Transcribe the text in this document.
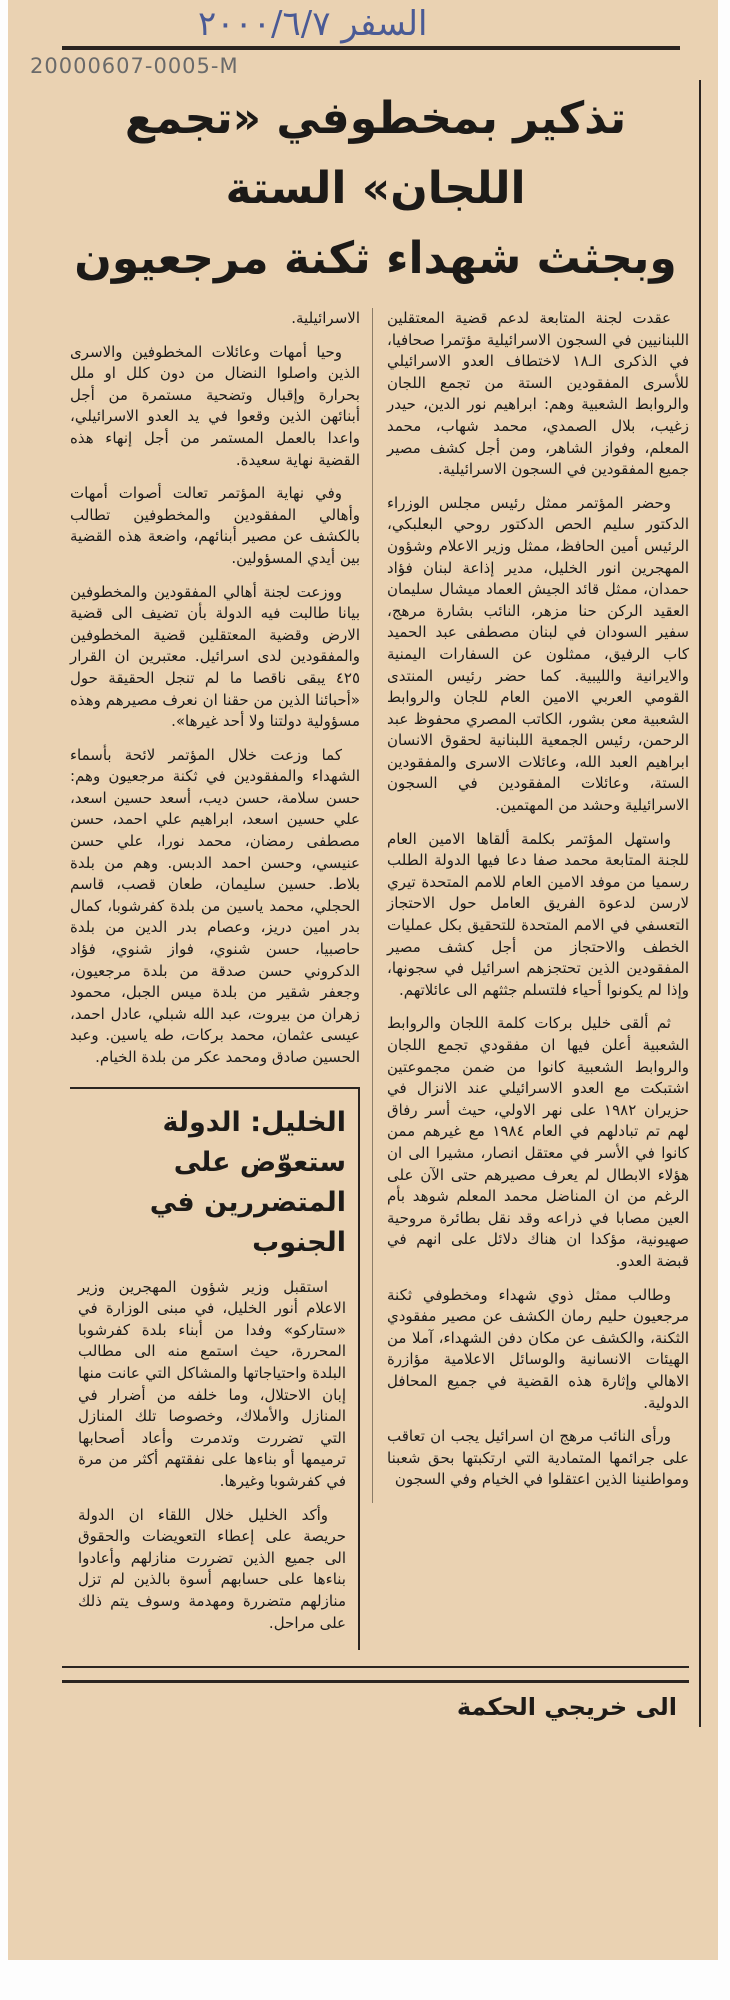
السفر ٢٠٠٠/٦/٧
20000607-0005-M
تذكير بمخطوفي «تجمع اللجان» الستة
وبجثث شهداء ثكنة مرجعيون

عقدت لجنة المتابعة لدعم قضية المعتقلين اللبنانيين في السجون الاسرائيلية مؤتمرا صحافيا، في الذكرى الـ١٨ لاختطاف العدو الاسرائيلي للأسرى المفقودين الستة من تجمع اللجان والروابط الشعبية وهم: ابراهيم نور الدين، حيدر زغيب، بلال الصمدي، محمد شهاب، محمد المعلم، وفواز الشاهر، ومن أجل كشف مصير جميع المفقودين في السجون الاسرائيلية.

وحضر المؤتمر ممثل رئيس مجلس الوزراء الدكتور سليم الحص الدكتور روحي البعلبكي، الرئيس أمين الحافظ، ممثل وزير الاعلام وشؤون المهجرين انور الخليل، مدير إذاعة لبنان فؤاد حمدان، ممثل قائد الجيش العماد ميشال سليمان العقيد الركن حنا مزهر، النائب بشارة مرهج، سفير السودان في لبنان مصطفى عبد الحميد كاب الرفيق، ممثلون عن السفارات اليمنية والايرانية والليبية. كما حضر رئيس المنتدى القومي العربي الامين العام للجان والروابط الشعبية معن بشور، الكاتب المصري محفوظ عبد الرحمن، رئيس الجمعية اللبنانية لحقوق الانسان ابراهيم العبد الله، وعائلات الاسرى والمفقودين الستة، وعائلات المفقودين في السجون الاسرائيلية وحشد من المهتمين.

واستهل المؤتمر بكلمة ألقاها الامين العام للجنة المتابعة محمد صفا دعا فيها الدولة الطلب رسميا من موفد الامين العام للامم المتحدة تيري لارسن لدعوة الفريق العامل حول الاحتجاز التعسفي في الامم المتحدة للتحقيق بكل عمليات الخطف والاحتجاز من أجل كشف مصير المفقودين الذين تحتجزهم اسرائيل في سجونها، وإذا لم يكونوا أحياء فلتسلم جثثهم الى عائلاتهم.

ثم ألقى خليل بركات كلمة اللجان والروابط الشعبية أعلن فيها ان مفقودي تجمع اللجان والروابط الشعبية كانوا من ضمن مجموعتين اشتبكت مع العدو الاسرائيلي عند الانزال في حزيران ١٩٨٢ على نهر الاولي، حيث أسر رفاق لهم تم تبادلهم في العام ١٩٨٤ مع غيرهم ممن كانوا في الأسر في معتقل انصار، مشيرا الى ان هؤلاء الابطال لم يعرف مصيرهم حتى الآن على الرغم من ان المناضل محمد المعلم شوهد بأم العين مصابا في ذراعه وقد نقل بطائرة مروحية صهيونية، مؤكدا ان هناك دلائل على انهم في قبضة العدو.

وطالب ممثل ذوي شهداء ومخطوفي ثكنة مرجعيون حليم رمان الكشف عن مصير مفقودي الثكنة، والكشف عن مكان دفن الشهداء، آملا من الهيئات الانسانية والوسائل الاعلامية مؤازرة الاهالي وإثارة هذه القضية في جميع المحافل الدولية.

ورأى النائب مرهج ان اسرائيل يجب ان تعاقب على جرائمها المتمادية التي ارتكبتها بحق شعبنا ومواطنينا الذين اعتقلوا في الخيام وفي السجون

الاسرائيلية.

وحيا أمهات وعائلات المخطوفين والاسرى الذين واصلوا النضال من دون كلل او ملل بحرارة وإقبال وتضحية مستمرة من أجل أبنائهن الذين وقعوا في يد العدو الاسرائيلي، واعدا بالعمل المستمر من أجل إنهاء هذه القضية نهاية سعيدة.

وفي نهاية المؤتمر تعالت أصوات أمهات وأهالي المفقودين والمخطوفين تطالب بالكشف عن مصير أبنائهم، واضعة هذه القضية بين أيدي المسؤولين.

ووزعت لجنة أهالي المفقودين والمخطوفين بيانا طالبت فيه الدولة بأن تضيف الى قضية الارض وقضية المعتقلين قضية المخطوفين والمفقودين لدى اسرائيل. معتبرين ان القرار ٤٢٥ يبقى ناقصا ما لم تنجل الحقيقة حول «أحبائنا الذين من حقنا ان نعرف مصيرهم وهذه مسؤولية دولتنا ولا أحد غيرها».

كما وزعت خلال المؤتمر لائحة بأسماء الشهداء والمفقودين في ثكنة مرجعيون وهم: حسن سلامة، حسن ديب، أسعد حسين اسعد، علي حسين اسعد، ابراهيم علي احمد، حسن مصطفى رمضان، محمد نورا، علي حسن عنيسي، وحسن احمد الدبس. وهم من بلدة بلاط. حسين سليمان، طعان قصب، قاسم الحجلي، محمد ياسين من بلدة كفرشوبا، كمال بدر امين دريز، وعصام بدر الدين من بلدة حاصبيا، حسن شنوي، فواز شنوي، فؤاد الدكروني حسن صدقة من بلدة مرجعيون، وجعفر شقير من بلدة ميس الجبل، محمود زهران من بيروت، عبد الله شبلي، عادل احمد، عيسى عثمان، محمد بركات، طه ياسين. وعبد الحسين صادق ومحمد عكر من بلدة الخيام.

الخليل: الدولة ستعوّض على المتضررين في الجنوب

استقبل وزير شؤون المهجرين وزير الاعلام أنور الخليل، في مبنى الوزارة في «ستاركو» وفدا من أبناء بلدة كفرشوبا المحررة، حيث استمع منه الى مطالب البلدة واحتياجاتها والمشاكل التي عانت منها إبان الاحتلال، وما خلفه من أضرار في المنازل والأملاك، وخصوصا تلك المنازل التي تضررت وتدمرت وأعاد أصحابها ترميمها أو بناءها على نفقتهم أكثر من مرة في كفرشوبا وغيرها.

وأكد الخليل خلال اللقاء ان الدولة حريصة على إعطاء التعويضات والحقوق الى جميع الذين تضررت منازلهم وأعادوا بناءها على حسابهم أسوة بالذين لم تزل منازلهم متضررة ومهدمة وسوف يتم ذلك على مراحل.

الى خريجي الحكمة
